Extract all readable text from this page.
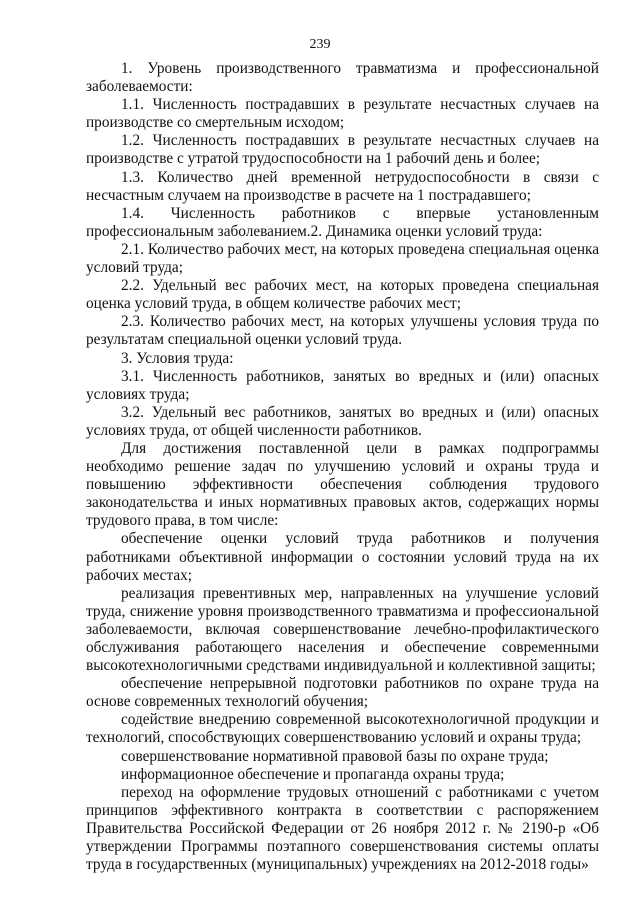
239

1. Уровень производственного травматизма и профессиональной заболеваемости:

1.1. Численность пострадавших в результате несчастных случаев на производстве со смертельным исходом;

1.2. Численность пострадавших в результате несчастных случаев на производстве с утратой трудоспособности на 1 рабочий день и более;

1.3. Количество дней временной нетрудоспособности в связи с несчастным случаем на производстве в расчете на 1 пострадавшего;

1.4. Численность работников с впервые установленным профессиональным заболеванием.2. Динамика оценки условий труда:

2.1. Количество рабочих мест, на которых проведена специальная оценка условий труда;

2.2. Удельный вес рабочих мест, на которых проведена специальная оценка условий труда, в общем количестве рабочих мест;

2.3. Количество рабочих мест, на которых улучшены условия труда по результатам специальной оценки условий труда.

3. Условия труда:

3.1. Численность работников, занятых во вредных и (или) опасных условиях труда;

3.2. Удельный вес работников, занятых во вредных и (или) опасных условиях труда, от общей численности работников.

Для достижения поставленной цели в рамках подпрограммы необходимо решение задач по улучшению условий и охраны труда и повышению эффективности обеспечения соблюдения трудового законодательства и иных нормативных правовых актов, содержащих нормы трудового права, в том числе:

обеспечение оценки условий труда работников и получения работниками объективной информации о состоянии условий труда на их рабочих местах;

реализация превентивных мер, направленных на улучшение условий труда, снижение уровня производственного травматизма и профессиональной заболеваемости, включая совершенствование лечебно-профилактического обслуживания работающего населения и обеспечение современными высокотехнологичными средствами индивидуальной и коллективной защиты;

обеспечение непрерывной подготовки работников по охране труда на основе современных технологий обучения;

содействие внедрению современной высокотехнологичной продукции и технологий, способствующих совершенствованию условий и охраны труда;

совершенствование нормативной правовой базы по охране труда;

информационное обеспечение и пропаганда охраны труда;

переход на оформление трудовых отношений с работниками с учетом принципов эффективного контракта в соответствии с распоряжением Правительства Российской Федерации от 26 ноября 2012 г. № 2190-р «Об утверждении Программы поэтапного совершенствования системы оплаты труда в государственных (муниципальных) учреждениях на 2012-2018 годы»
